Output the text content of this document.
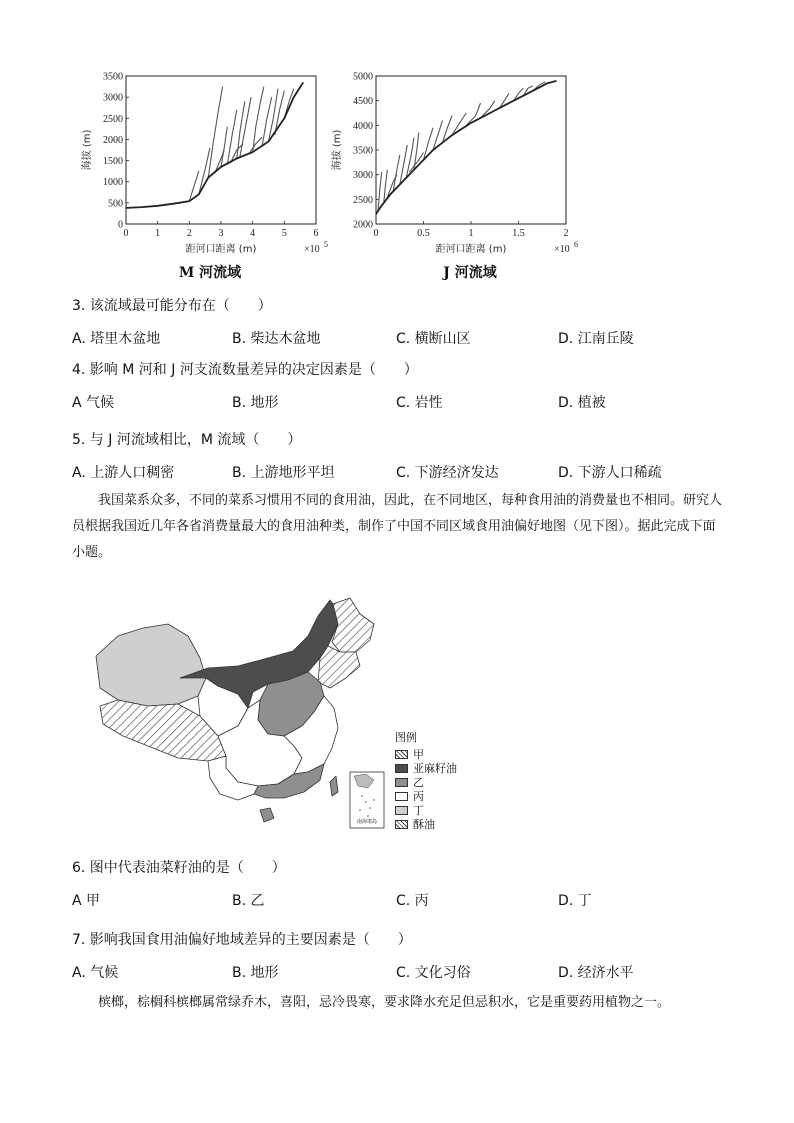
0	1	2	3	4	5	6
0
500
1000
1500
2000
2500
3000
3500
距河口距离 (m)	×10 5
海拔 (m)
M 河流域
0	0.5	1	1.5	2
2000
2500
3000
3500
4000
4500
5000
距河口距离 (m)	×10 6
海拔 (m)
J 河流域
3. 该流域最可能分布在（　　）
A. 塔里木盆地	B. 柴达木盆地	C. 横断山区	D. 江南丘陵
4. 影响 M 河和 J 河支流数量差异的决定因素是（　　）
A 气候	B. 地形	C. 岩性	D. 植被
5. 与 J 河流域相比，M 流域（　　）
A. 上游人口稠密	B. 上游地形平坦	C. 下游经济发达	D. 下游人口稀疏
我国菜系众多，不同的菜系习惯用不同的食用油，因此，在不同地区，每种食用油的消费量也不相同。研究人员根据我国近几年各省消费量最大的食用油种类，制作了中国不同区域食用油偏好地图（见下图）。据此完成下面小题。
南海诸岛
图例
甲
亚麻籽油
乙
丙
丁
酥油
6. 图中代表油菜籽油的是（　　）
A 甲	B. 乙	C. 丙	D. 丁
7. 影响我国食用油偏好地域差异的主要因素是（　　）
A. 气候	B. 地形	C. 文化习俗	D. 经济水平
槟榔，棕榈科槟榔属常绿乔木，喜阳，忌冷畏寒，要求降水充足但忌积水，它是重要药用植物之一。
